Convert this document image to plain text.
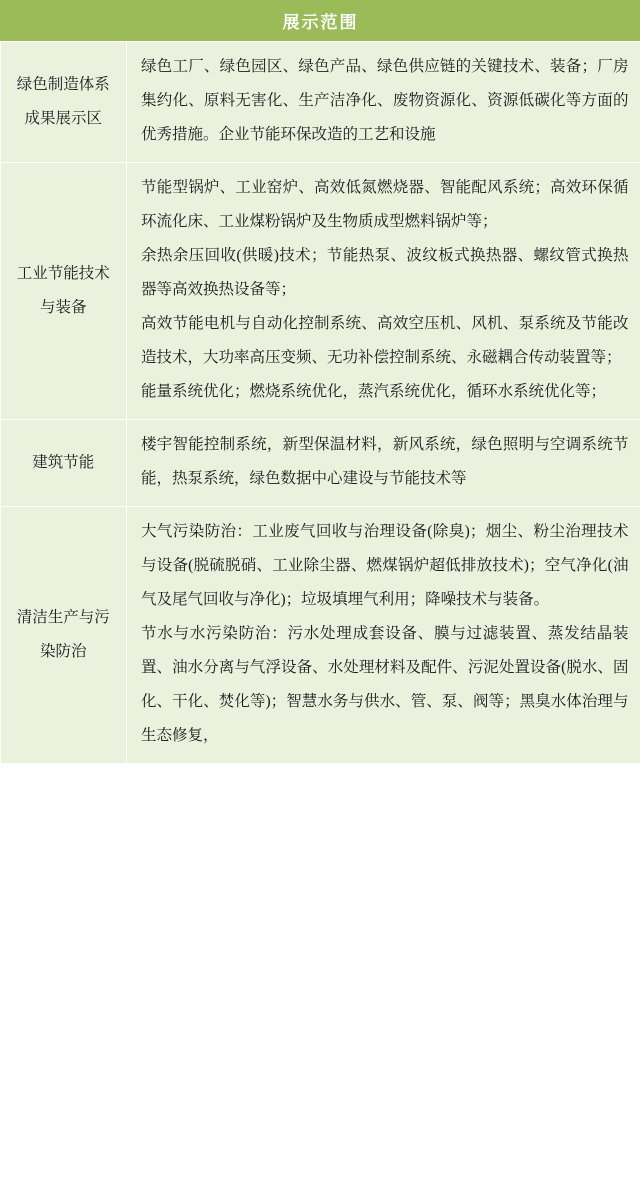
展示范围	
绿色制造体系成果展示区	绿色工厂、绿色园区、绿色产品、绿色供应链的关键技术、装备；厂房集约化、原料无害化、生产洁净化、废物资源化、资源低碳化等方面的优秀措施。企业节能环保改造的工艺和设施

工业节能技术与装备	节能型锅炉、工业窑炉、高效低氮燃烧器、智能配风系统；高效环保循环流化床、工业煤粉锅炉及生物质成型燃料锅炉等；

余热余压回收(供暖)技术；节能热泵、波纹板式换热器、螺纹管式换热器等高效换热设备等；

高效节能电机与自动化控制系统、高效空压机、风机、泵系统及节能改造技术，大功率高压变频、无功补偿控制系统、永磁耦合传动装置等；

能量系统优化；燃烧系统优化，蒸汽系统优化，循环水系统优化等；

建筑节能	楼宇智能控制系统，新型保温材料，新风系统，绿色照明与空调系统节能，热泵系统，绿色数据中心建设与节能技术等

清洁生产与污染防治	大气污染防治：工业废气回收与治理设备(除臭)；烟尘、粉尘治理技术与设备(脱硫脱硝、工业除尘器、燃煤锅炉超低排放技术)；空气净化(油气及尾气回收与净化)；垃圾填埋气利用；降噪技术与装备。

节水与水污染防治：污水处理成套设备、膜与过滤装置、蒸发结晶装置、油水分离与气浮设备、水处理材料及配件、污泥处置设备(脱水、固化、干化、焚化等)；智慧水务与供水、管、泵、阀等；黑臭水体治理与生态修复，
